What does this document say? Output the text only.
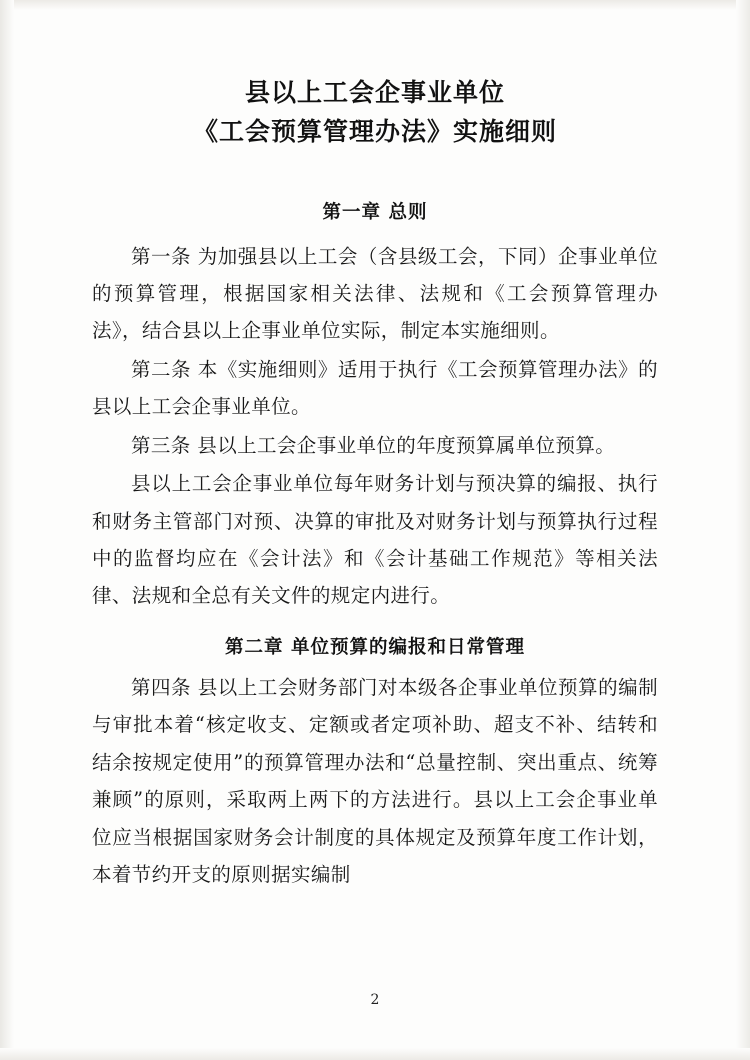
县以上工会企事业单位
《工会预算管理办法》实施细则
第一章 总则

第一条 为加强县以上工会（含县级工会，下同）企事业单位的预算管理，根据国家相关法律、法规和《工会预算管理办法》，结合县以上企事业单位实际，制定本实施细则。

第二条 本《实施细则》适用于执行《工会预算管理办法》的县以上工会企事业单位。

第三条 县以上工会企事业单位的年度预算属单位预算。

县以上工会企事业单位每年财务计划与预决算的编报、执行和财务主管部门对预、决算的审批及对财务计划与预算执行过程中的监督均应在《会计法》和《会计基础工作规范》等相关法律、法规和全总有关文件的规定内进行。

第二章 单位预算的编报和日常管理

第四条 县以上工会财务部门对本级各企事业单位预算的编制与审批本着“核定收支、定额或者定项补助、超支不补、结转和结余按规定使用”的预算管理办法和“总量控制、突出重点、统筹兼顾”的原则，采取两上两下的方法进行。县以上工会企事业单位应当根据国家财务会计制度的具体规定及预算年度工作计划，本着节约开支的原则据实编制

2
